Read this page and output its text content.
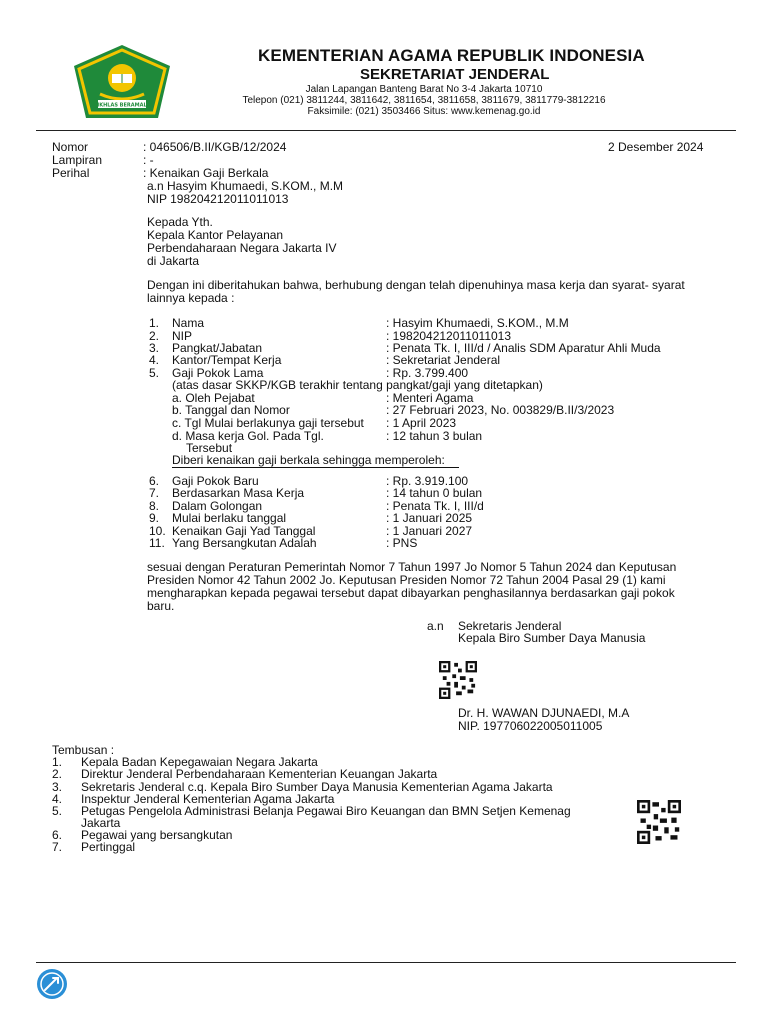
IKHLAS BERAMAL
KEMENTERIAN AGAMA REPUBLIK INDONESIA
SEKRETARIAT JENDERAL
Jalan Lapangan Banteng Barat No 3-4 Jakarta 10710
Telepon (021) 3811244, 3811642, 3811654, 3811658, 3811679, 3811779-3812216
Faksimile: (021) 3503466 Situs: www.kemenag.go.id
Nomor	: 046506/B.II/KGB/12/2024	2 Desember 2024
Lampiran	: -
Perihal	: Kenaikan Gaji Berkala
a.n Hasyim Khumaedi, S.KOM., M.M
NIP 198204212011011013
Kepada Yth.
Kepala Kantor Pelayanan
Perbendaharaan Negara Jakarta IV
di Jakarta
Dengan ini diberitahukan bahwa, berhubung dengan telah dipenuhinya masa kerja dan syarat- syarat
lainnya kepada :
1. Nama	: Hasyim Khumaedi, S.KOM., M.M
2. NIP	: 198204212011011013
3. Pangkat/Jabatan	: Penata Tk. I, III/d / Analis SDM Aparatur Ahli Muda
4. Kantor/Tempat Kerja	: Sekretariat Jenderal
5. Gaji Pokok Lama	: Rp. 3.799.400
(atas dasar SKKP/KGB terakhir tentang pangkat/gaji yang ditetapkan)
a. Oleh Pejabat	: Menteri Agama
b. Tanggal dan Nomor	: 27 Februari 2023, No. 003829/B.II/3/2023
c. Tgl Mulai berlakunya gaji tersebut : 1 April 2023
d. Masa kerja Gol. Pada Tgl.	: 12 tahun 3 bulan
Tersebut
Diberi kenaikan gaji berkala sehingga memperoleh:
6. Gaji Pokok Baru	: Rp. 3.919.100
7. Berdasarkan Masa Kerja	: 14 tahun 0 bulan
8. Dalam Golongan	: Penata Tk. I, III/d
9. Mulai berlaku tanggal	: 1 Januari 2025
10. Kenaikan Gaji Yad Tanggal	: 1 Januari 2027
11. Yang Bersangkutan Adalah	: PNS
sesuai dengan Peraturan Pemerintah Nomor 7 Tahun 1997 Jo Nomor 5 Tahun 2024 dan Keputusan
Presiden Nomor 42 Tahun 2002 Jo. Keputusan Presiden Nomor 72 Tahun 2004 Pasal 29 (1) kami
mengharapkan kepada pegawai tersebut dapat dibayarkan penghasilannya berdasarkan gaji pokok
baru.
a.n Sekretaris Jenderal
Kepala Biro Sumber Daya Manusia
Dr. H. WAWAN DJUNAEDI, M.A
NIP. 197706022005011005
Tembusan :
1. Kepala Badan Kepegawaian Negara Jakarta
2. Direktur Jenderal Perbendaharaan Kementerian Keuangan Jakarta
3. Sekretaris Jenderal c.q. Kepala Biro Sumber Daya Manusia Kementerian Agama Jakarta
4. Inspektur Jenderal Kementerian Agama Jakarta
5. Petugas Pengelola Administrasi Belanja Pegawai Biro Keuangan dan BMN Setjen Kemenag
Jakarta
6. Pegawai yang bersangkutan
7. Pertinggal
